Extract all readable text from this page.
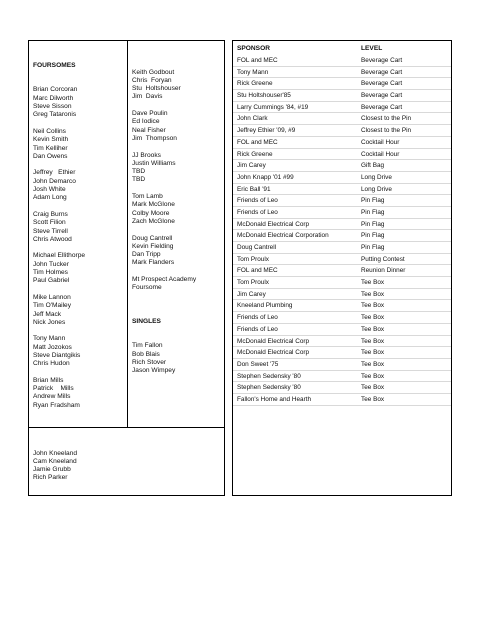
FOURSOMES

Brian Corcoran
Marc Dilworth
Steve Sisson
Greg Tataronis
Neil Collins
Kevin Smith
Tim Kelliher
Dan Owens
Jeffrey   Ethier
John Demarco
Josh White
Adam Long
Craig Burns
Scott Filion
Steve Tirrell
Chris Atwood
Michael Ellithorpe
John Tucker
Tim Holmes
Paul Gabriel
Mike Lannon
Tim O'Mailey
Jeff Mack
Nick Jones
Tony Mann
Matt Jozokos
Steve Diantgikis
Chris Hudon
Brian Mills
Patrick    Mills
Andrew Mills
Ryan Fradsham

Keith Godbout
Chris  Foryan
Stu  Holtshouser
Jim  Davis
Dave Poulin
Ed Iodice
Neal Fisher
Jim  Thompson
JJ Brooks
Justin Williams
TBD
TBD
Tom Lamb
Mark McGlone
Colby Moore
Zach McGlone
Doug Cantrell
Kevin Fielding
Dan Tripp
Mark Flanders
Mt Prospect Academy
Foursome

SINGLES

Tim Fallon
Bob Blais
Rich Stover
Jason Wimpey

John Kneeland
Cam Kneeland
Jamie Grubb
Rich Parker

SPONSOR	LEVEL
FOL and MEC	Beverage Cart
Tony Mann	Beverage Cart
Rick Greene	Beverage Cart
Stu Holtshouser'85	Beverage Cart
Larry Cummings '84, #19	Beverage Cart
John Clark	Closest to the Pin
Jeffrey Ethier '09, #9	Closest to the Pin
FOL and MEC	Cocktail Hour
Rick Greene	Cocktail Hour
Jim Carey	Gift Bag
John Knapp '01 #99	Long Drive
Eric Ball '91	Long Drive
Friends of Leo	Pin Flag
Friends of Leo	Pin Flag
McDonald Electrical Corp	Pin Flag
McDonald Electrical Corporation	Pin Flag
Doug Cantrell	Pin Flag
Tom Proulx	Putting Contest
FOL and MEC	Reunion Dinner
Tom Proulx	Tee Box
Jim Carey	Tee Box
Kneeland Plumbing	Tee Box
Friends of Leo	Tee Box
Friends of Leo	Tee Box
McDonald Electrical Corp	Tee Box
McDonald Electrical Corp	Tee Box
Don Sweet '75	Tee Box
Stephen Sedensky '80	Tee Box
Stephen Sedensky '80	Tee Box
Fallon's Home and Hearth	Tee Box
